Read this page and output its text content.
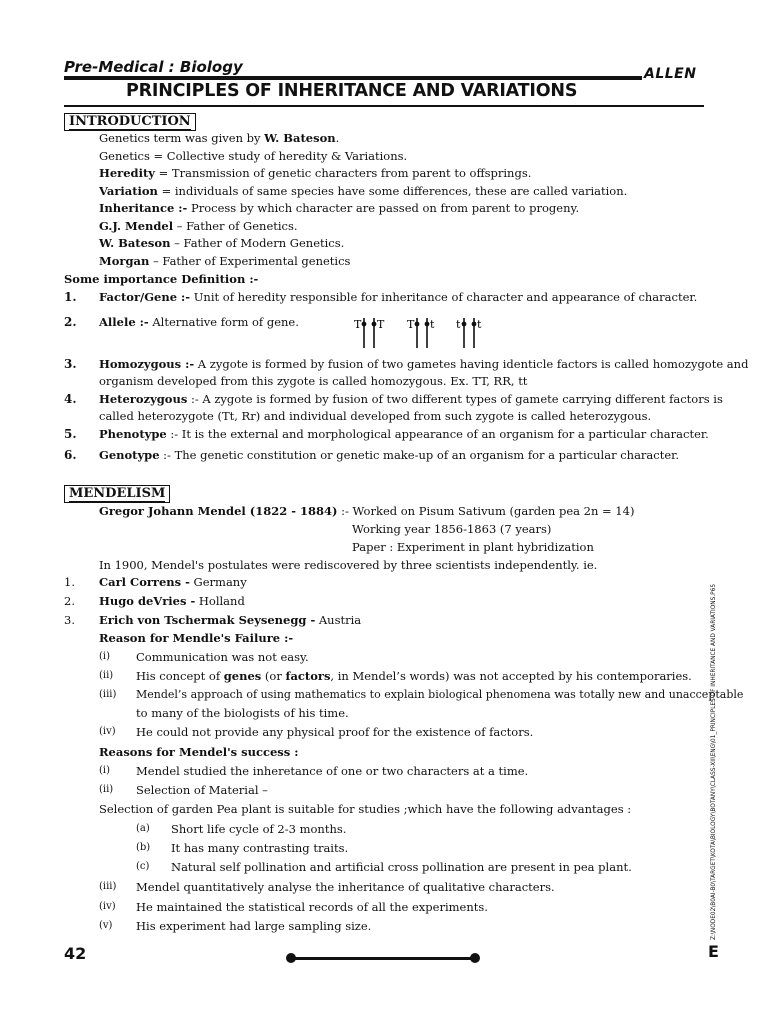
Pre-Medical : Biology	ALLEN
PRINCIPLES OF INHERITANCE AND VARIATIONS
INTRODUCTION
Genetics term was given by W. Bateson.
Genetics = Collective study of heredity & Variations.
Heredity = Transmission of genetic characters from parent to offsprings.
Variation = individuals of same species have some differences, these are called variation.
Inheritance :- Process by which character are passed on from parent to progeny.
G.J. Mendel – Father of Genetics.
W. Bateson – Father of Modern Genetics.
Morgan – Father of Experimental genetics
Some importance Definition :-
1. Factor/Gene :- Unit of heredity responsible for inheritance of character and appearance of character.
2. Allele :- Alternative form of gene.	T T T t t t
3. Homozygous :- A zygote is formed by fusion of two gametes having identicle factors is called homozygote and
organism developed from this zygote is called homozygous. Ex. TT, RR, tt
4. Heterozygous :- A zygote is formed by fusion of two different types of gamete carrying different factors is
called heterozygote (Tt, Rr) and individual developed from such zygote is called heterozygous.
5. Phenotype :- It is the external and morphological appearance of an organism for a particular character.
6. Genotype :- The genetic constitution or genetic make-up of an organism for a particular character.
MENDELISM
Gregor Johann Mendel (1822 - 1884) :- Worked on Pisum Sativum (garden pea 2n = 14)
Working year 1856-1863 (7 years)
Paper : Experiment in plant hybridization
In 1900, Mendel's postulates were rediscovered by three scientists independently. ie.
1. Carl Correns - Germany
2. Hugo deVries - Holland
3. Erich von Tschermak Seysenegg - Austria
Reason for Mendle's Failure :-
(i) Communication was not easy.
(ii) His concept of genes (or factors, in Mendel’s words) was not accepted by his contemporaries.
(iii) Mendel’s approach of using mathematics to explain biological phenomena was totally new and unacceptable
to many of the biologists of his time.
(iv) He could not provide any physical proof for the existence of factors.
Reasons for Mendel's success :
(i) Mendel studied the inheretance of one or two characters at a time.
(ii) Selection of Material –
Selection of garden Pea plant is suitable for studies ;which have the following advantages :
(a) Short life cycle of 2-3 months.
(b) It has many contrasting traits.
(c) Natural self pollination and artificial cross pollination are present in pea plant.
(iii) Mendel quantitatively analyse the inheritance of qualitative characters.
(iv) He maintained the statistical records of all the experiments.
(v) His experiment had large sampling size.	Z:\NODE02\B0AI-B0\TARGET\KOTA\BIOLOGY\BOTANY\CLASS-XII\ENG\01_PRINCIPLES OF INHERITANCE AND VARIATIONS.P65
42	E
